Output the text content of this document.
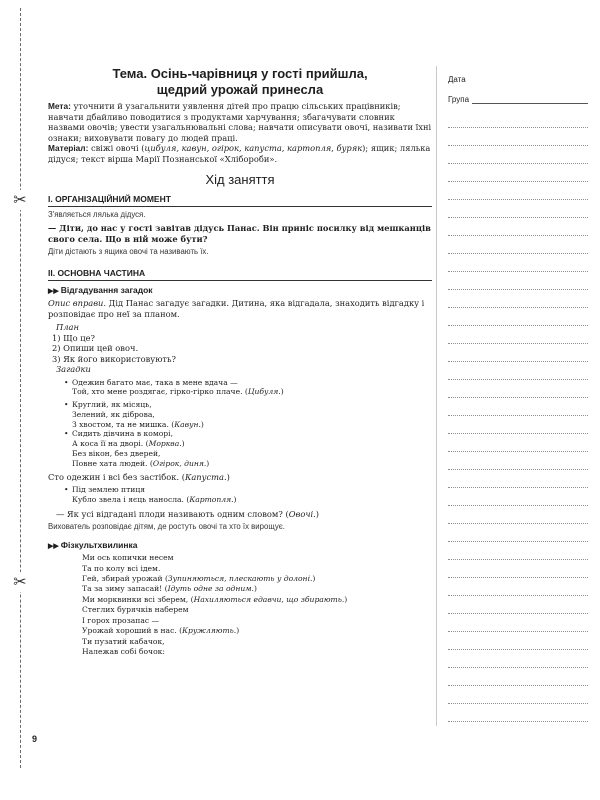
✂
✂
Дата
Група
Тема. Осінь-чарівниця у гості прийшла,
щедрий урожай принесла
Мета: уточнити й узагальнити уявлення дітей про працю сільських працівників; навчати дбайливо поводитися з продуктами харчування; збагачувати словник назвами овочів; увести узагальнювальні слова; навчати описувати овочі, називати їхні ознаки; виховувати повагу до людей праці.
Матеріал: свіжі овочі (цибуля, кавун, огірок, капуста, картопля, буряк); ящик; лялька дідуся; текст вірша Марії Познанської «Хлібороби».
Хід заняття
І. ОРГАНІЗАЦІЙНИЙ МОМЕНТ
З'являється лялька дідуся.
— Діти, до нас у гості завітав дідусь Панас. Він приніс посилку від мешканців свого села. Що в ній може бути?
Діти дістають з ящика овочі та називають їх.
ІІ. ОСНОВНА ЧАСТИНА
▶▶ Відгадування загадок
Опис вправи. Дід Панас загадує загадки. Дитина, яка відгадала, знаходить відгадку і розповідає про неї за планом.
План
1) Що це?
2) Опиши цей овоч.
3) Як його використовують?
Загадки
• Одежин багато має, така в мене вдача —
Той, хто мене роздягає, гірко-гірко плаче. (Цибуля.)
• Круглий, як місяць,
Зелений, як діброва,
З хвостом, та не мишка. (Кавун.)
• Сидить дівчина в коморі,
А коса її на дворі. (Морква.)
Без вікон, без дверей,
Повне хата людей. (Огірок, диня.)
Сто одежин і всі без застібок. (Капуста.)
• Під землею птиця
Кубло звела і яєць наносла. (Картопля.)
— Як усі відгадані плоди називають одним словом? (Овочі.)
Вихователь розповідає дітям, де ростуть овочі та хто їх вирощує.
▶▶ Фізкультхвилинка
Ми ось копички несем
Та по колу всі ідем.
Гей, збирай урожай (Зупиняються, плескають у долоні.)
Та за зиму запасай! (Ідуть одне за одним.)
Ми морквинки всі зберем, (Нахиляються едавчи, що збирають.)
Стеглих бурячків наберем
І горох прозапас —
Урожай хороший в нас. (Кружляють.)
Ти пузатий кабачок,
Належав собі бочок:
9
